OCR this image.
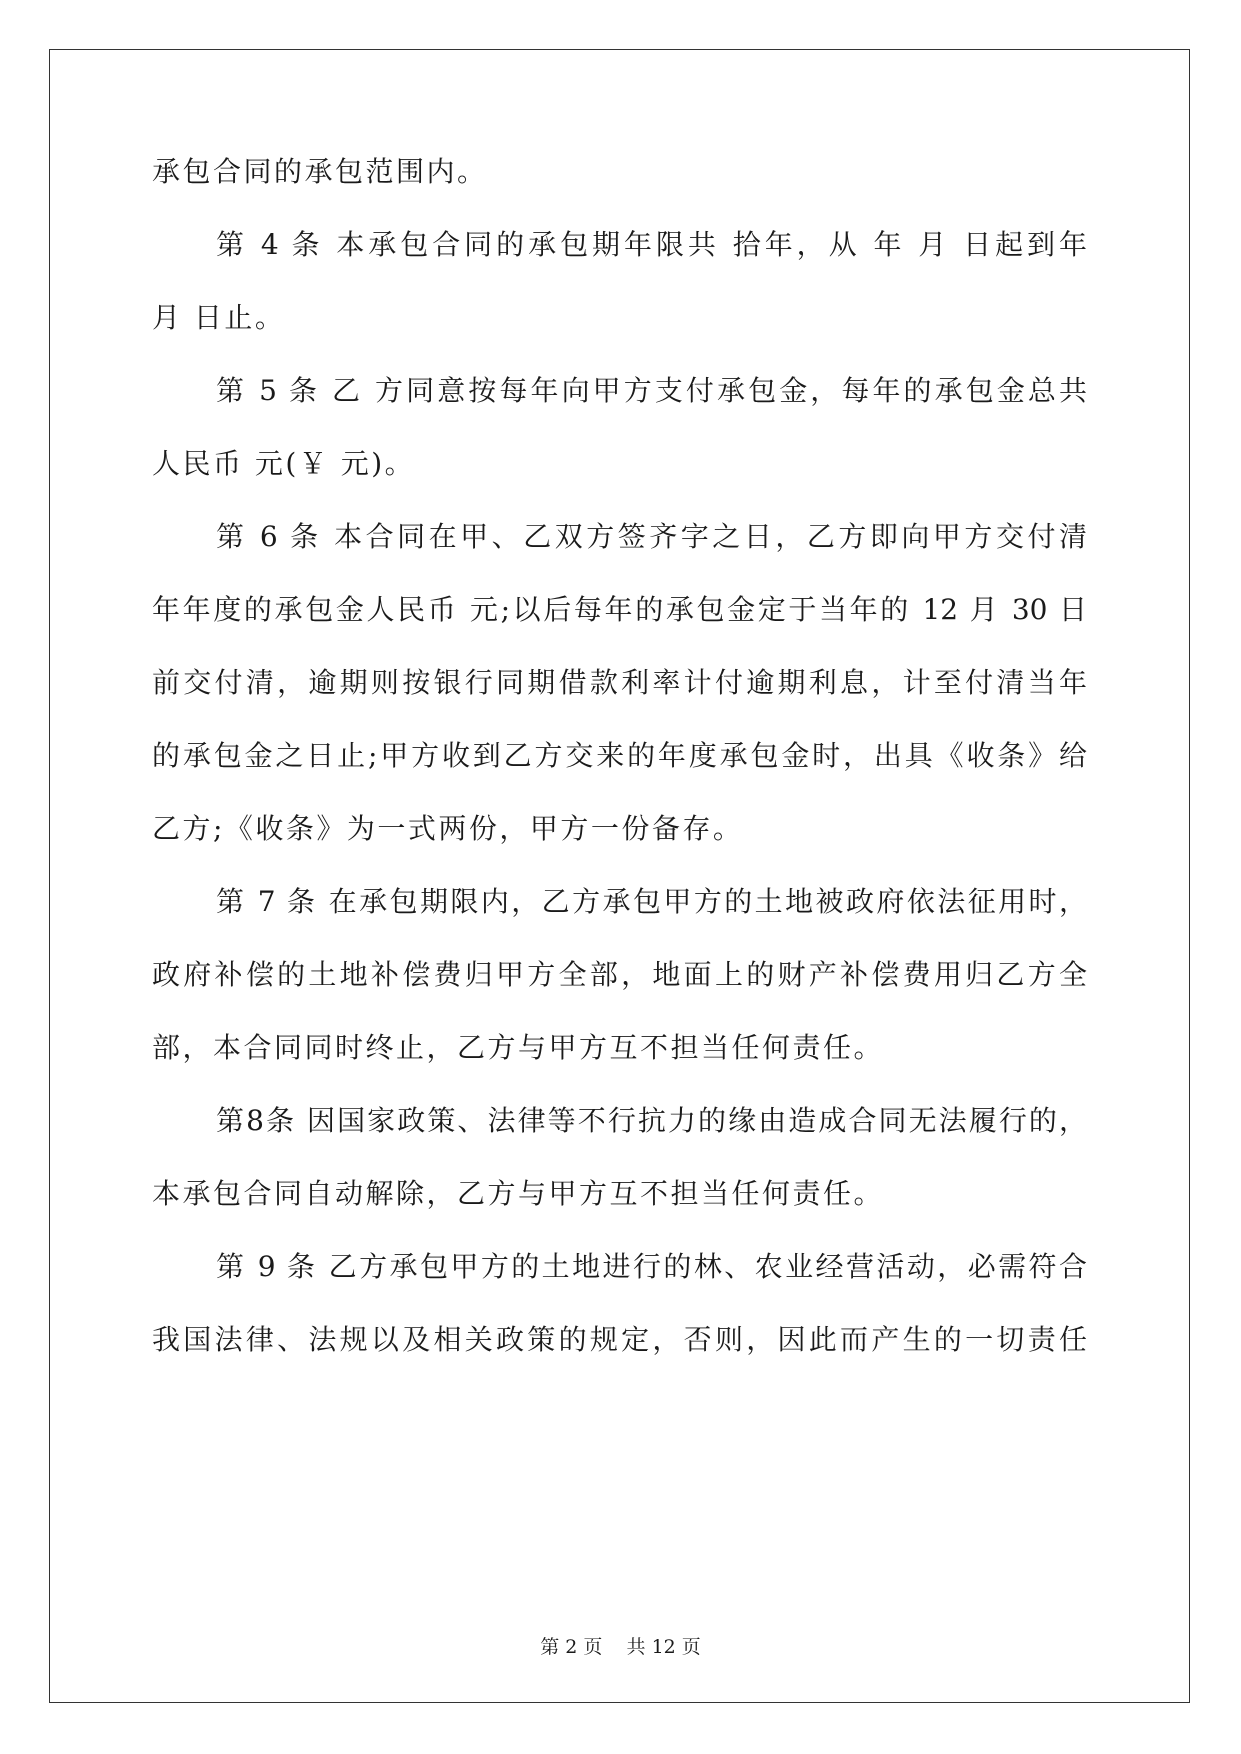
承包合同的承包范围内。
第 4 条 本承包合同的承包期年限共 拾年，从 年 月 日起到年
月 日止。
第 5 条 乙 方同意按每年向甲方支付承包金，每年的承包金总共
人民币 元(￥ 元)。
第 6 条 本合同在甲、乙双方签齐字之日，乙方即向甲方交付清
年年度的承包金人民币 元;以后每年的承包金定于当年的 12 月 30 日
前交付清，逾期则按银行同期借款利率计付逾期利息，计至付清当年
的承包金之日止;甲方收到乙方交来的年度承包金时，出具《收条》给
乙方;《收条》为一式两份，甲方一份备存。
第 7 条 在承包期限内，乙方承包甲方的土地被政府依法征用时，
政府补偿的土地补偿费归甲方全部，地面上的财产补偿费用归乙方全
部，本合同同时终止，乙方与甲方互不担当任何责任。
第8条 因国家政策、法律等不行抗力的缘由造成合同无法履行的，
本承包合同自动解除，乙方与甲方互不担当任何责任。
第 9 条 乙方承包甲方的土地进行的林、农业经营活动，必需符合
我国法律、法规以及相关政策的规定，否则，因此而产生的一切责任
第 2 页    共 12 页
